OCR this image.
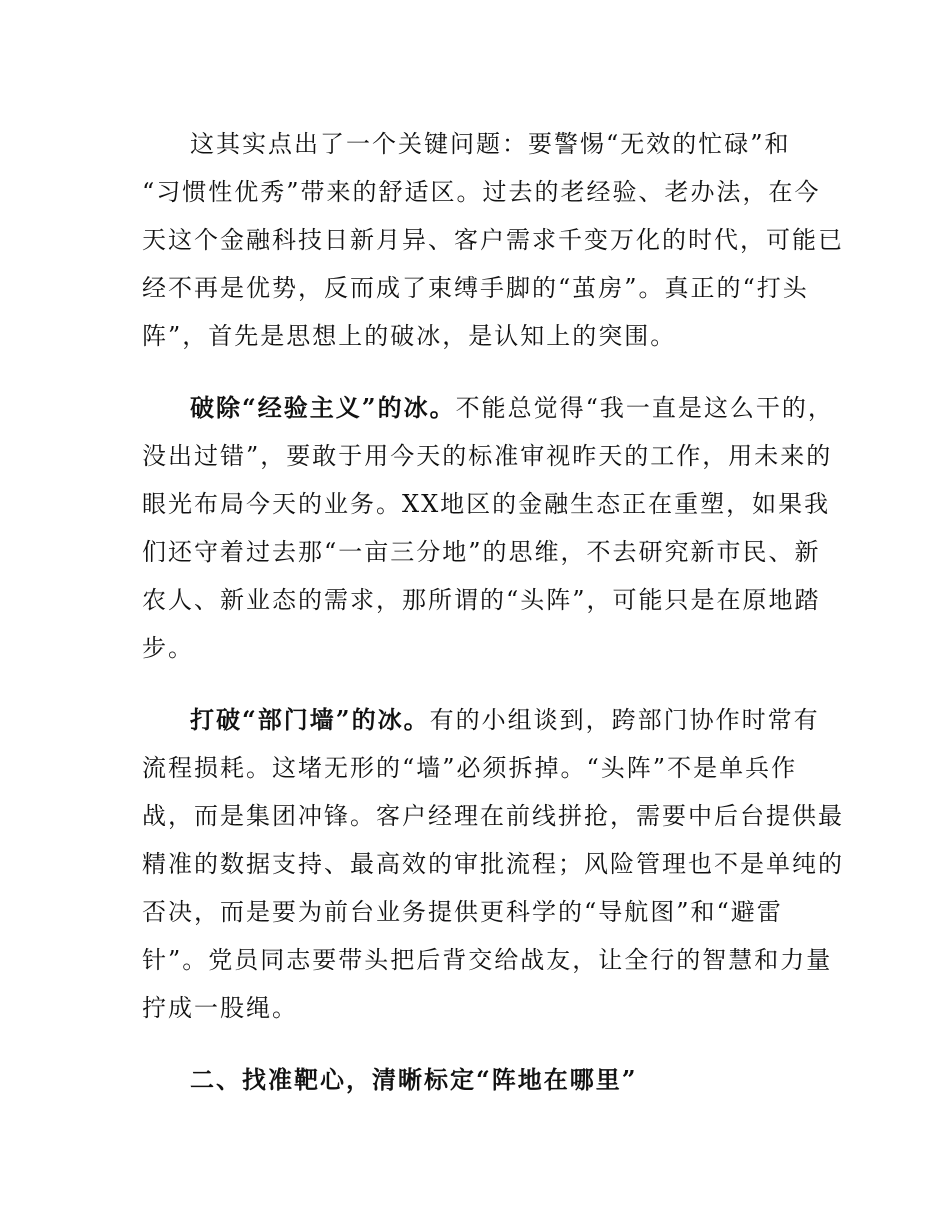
这其实点出了一个关键问题：要警惕“无效的忙碌”和
“习惯性优秀”带来的舒适区。过去的老经验、老办法，在今
天这个金融科技日新月异、客户需求千变万化的时代，可能已
经不再是优势，反而成了束缚手脚的“茧房”。真正的“打头
阵”，首先是思想上的破冰，是认知上的突围。
破除“经验主义”的冰。不能总觉得“我一直是这么干的，
没出过错”，要敢于用今天的标准审视昨天的工作，用未来的
眼光布局今天的业务。XX地区的金融生态正在重塑，如果我
们还守着过去那“一亩三分地”的思维，不去研究新市民、新
农人、新业态的需求，那所谓的“头阵”，可能只是在原地踏
步。
打破“部门墙”的冰。有的小组谈到，跨部门协作时常有
流程损耗。这堵无形的“墙”必须拆掉。“头阵”不是单兵作
战，而是集团冲锋。客户经理在前线拼抢，需要中后台提供最
精准的数据支持、最高效的审批流程；风险管理也不是单纯的
否决，而是要为前台业务提供更科学的“导航图”和“避雷
针”。党员同志要带头把后背交给战友，让全行的智慧和力量
拧成一股绳。
二、找准靶心，清晰标定“阵地在哪里”
